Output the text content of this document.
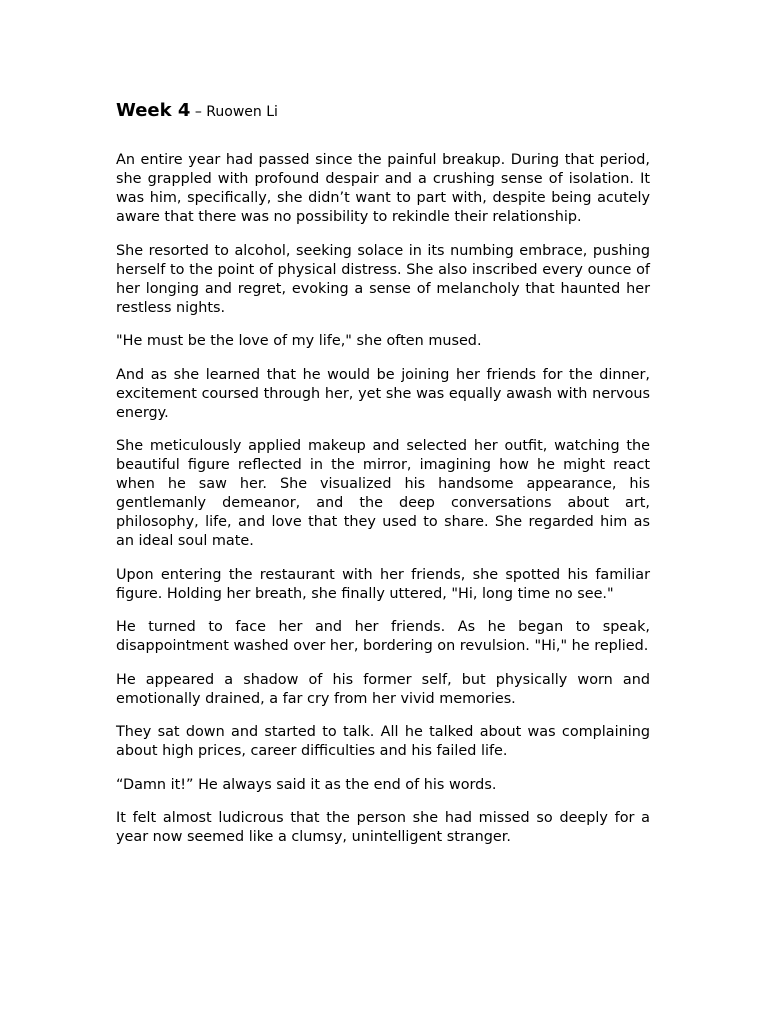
Week 4 – Ruowen Li

An entire year had passed since the painful breakup. During that period, she grappled with profound despair and a crushing sense of isolation. It was him, specifically, she didn’t want to part with, despite being acutely aware that there was no possibility to rekindle their relationship.

She resorted to alcohol, seeking solace in its numbing embrace, pushing herself to the point of physical distress. She also inscribed every ounce of her longing and regret, evoking a sense of melancholy that haunted her restless nights.

"He must be the love of my life," she often mused.

And as she learned that he would be joining her friends for the dinner, excitement coursed through her, yet she was equally awash with nervous energy.

She meticulously applied makeup and selected her outfit, watching the beautiful figure reflected in the mirror, imagining how he might react when he saw her. She visualized his handsome appearance, his gentlemanly demeanor, and the deep conversations about art, philosophy, life, and love that they used to share. She regarded him as an ideal soul mate.

Upon entering the restaurant with her friends, she spotted his familiar figure. Holding her breath, she finally uttered, "Hi, long time no see."

He turned to face her and her friends. As he began to speak, disappointment washed over her, bordering on revulsion. "Hi," he replied.

He appeared a shadow of his former self, but physically worn and emotionally drained, a far cry from her vivid memories.

They sat down and started to talk. All he talked about was complaining about high prices, career difficulties and his failed life.

“Damn it!” He always said it as the end of his words.

It felt almost ludicrous that the person she had missed so deeply for a year now seemed like a clumsy, unintelligent stranger.
